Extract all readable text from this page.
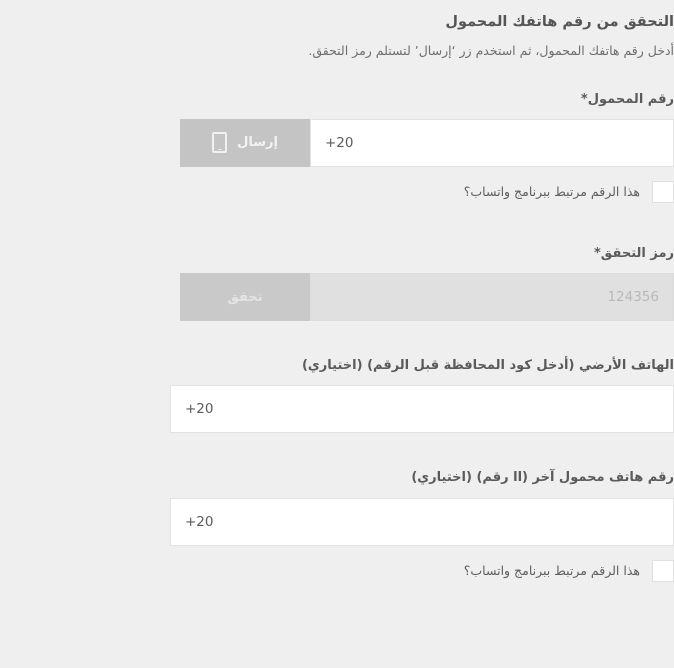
التحقق من رقم هاتفك المحمول

أدخل رقم هاتفك المحمول، ثم استخدم زر ‘إرسال’ لتستلم رمز التحقق.

رقم المحمول*
+20
إرسال
هذا الرقم مرتبط ببرنامج واتساب؟
رمز التحقق*
124356
تحقق
الهاتف الأرضي (أدخل كود المحافظة قبل الرقم) (اختياري)
+20
رقم هاتف محمول آخر (اا رقم) (اختياري)
+20
هذا الرقم مرتبط ببرنامج واتساب؟
